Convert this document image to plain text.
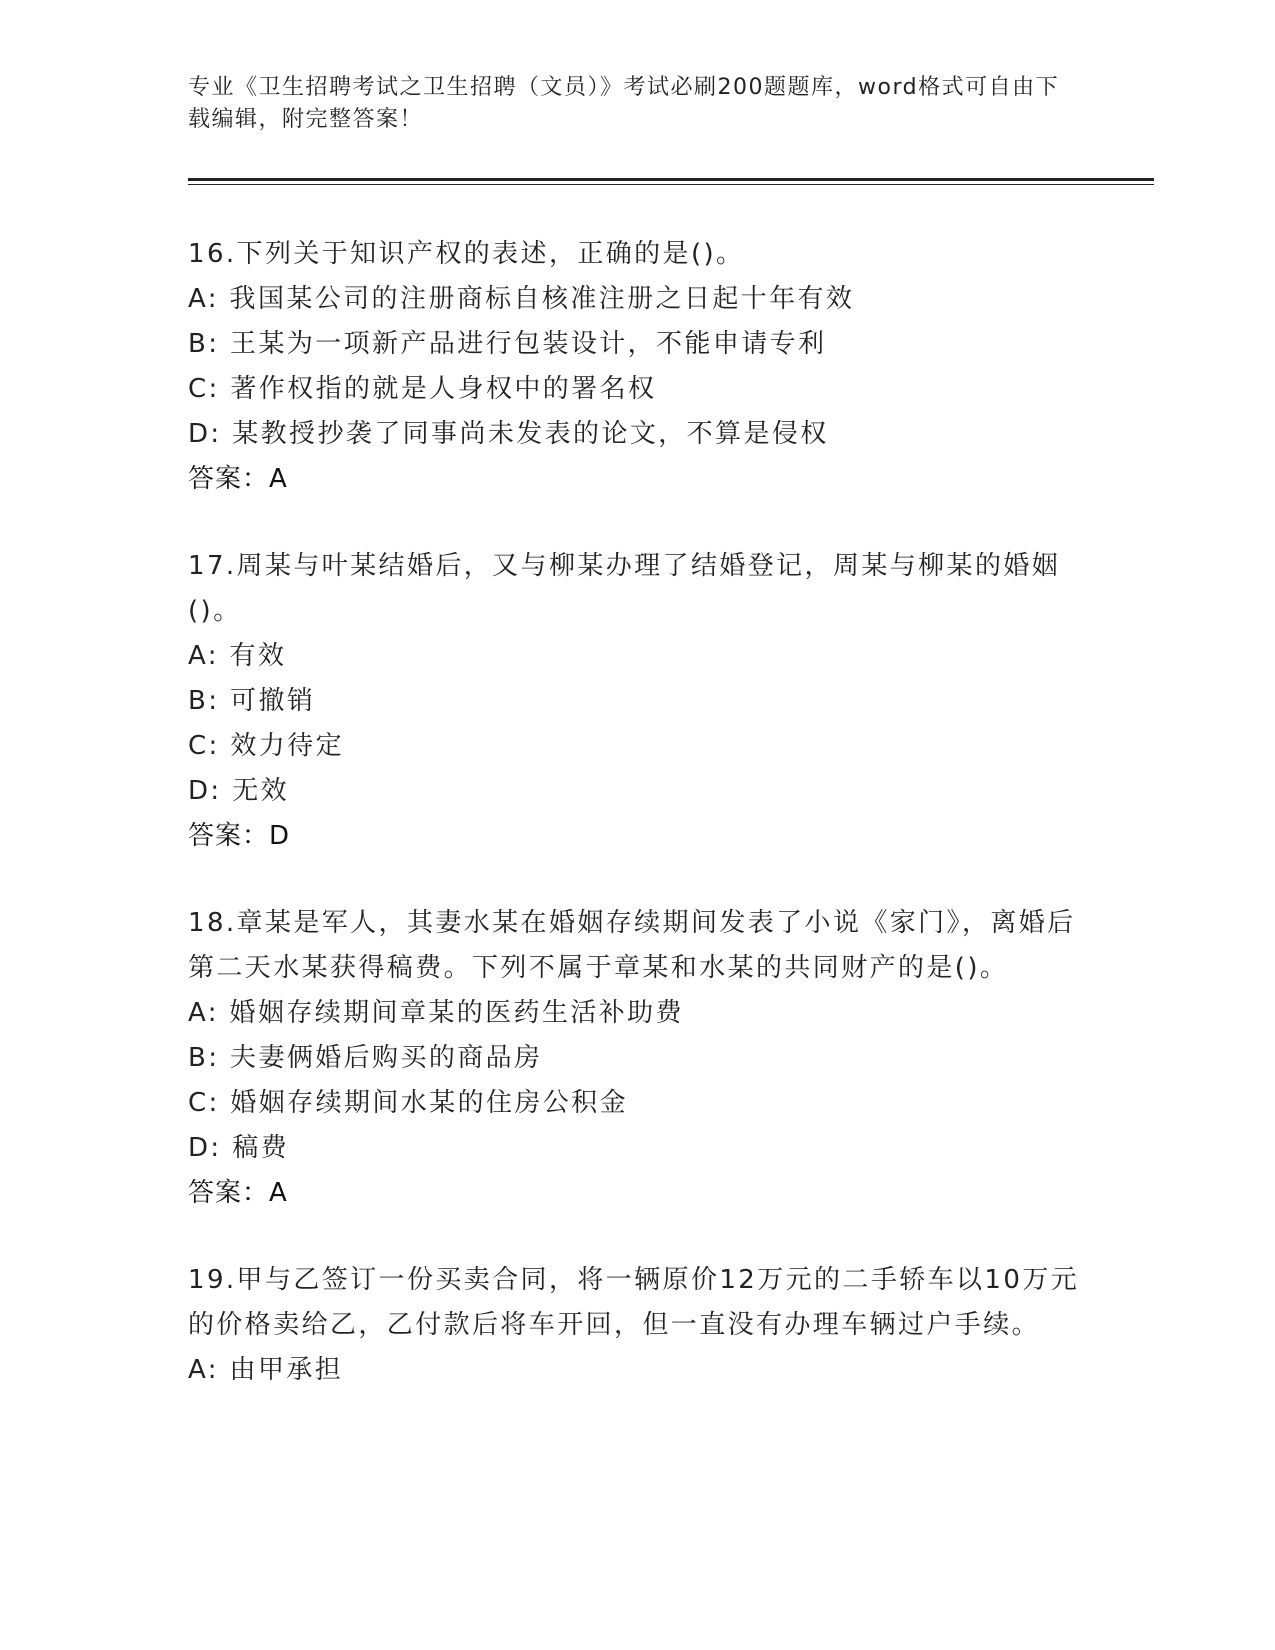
专业《卫生招聘考试之卫生招聘（文员）》考试必刷200题题库，word格式可自由下载编辑，附完整答案！
16.下列关于知识产权的表述，正确的是()。
A: 我国某公司的注册商标自核准注册之日起十年有效
B: 王某为一项新产品进行包装设计，不能申请专利
C: 著作权指的就是人身权中的署名权
D: 某教授抄袭了同事尚未发表的论文，不算是侵权
答案：A
17.周某与叶某结婚后，又与柳某办理了结婚登记，周某与柳某的婚姻()。
A: 有效
B: 可撤销
C: 效力待定
D: 无效
答案：D
18.章某是军人，其妻水某在婚姻存续期间发表了小说《家门》，离婚后第二天水某获得稿费。下列不属于章某和水某的共同财产的是()。
A: 婚姻存续期间章某的医药生活补助费
B: 夫妻俩婚后购买的商品房
C: 婚姻存续期间水某的住房公积金
D: 稿费
答案：A
19.甲与乙签订一份买卖合同，将一辆原价12万元的二手轿车以10万元的价格卖给乙，乙付款后将车开回，但一直没有办理车辆过户手续。
A: 由甲承担
